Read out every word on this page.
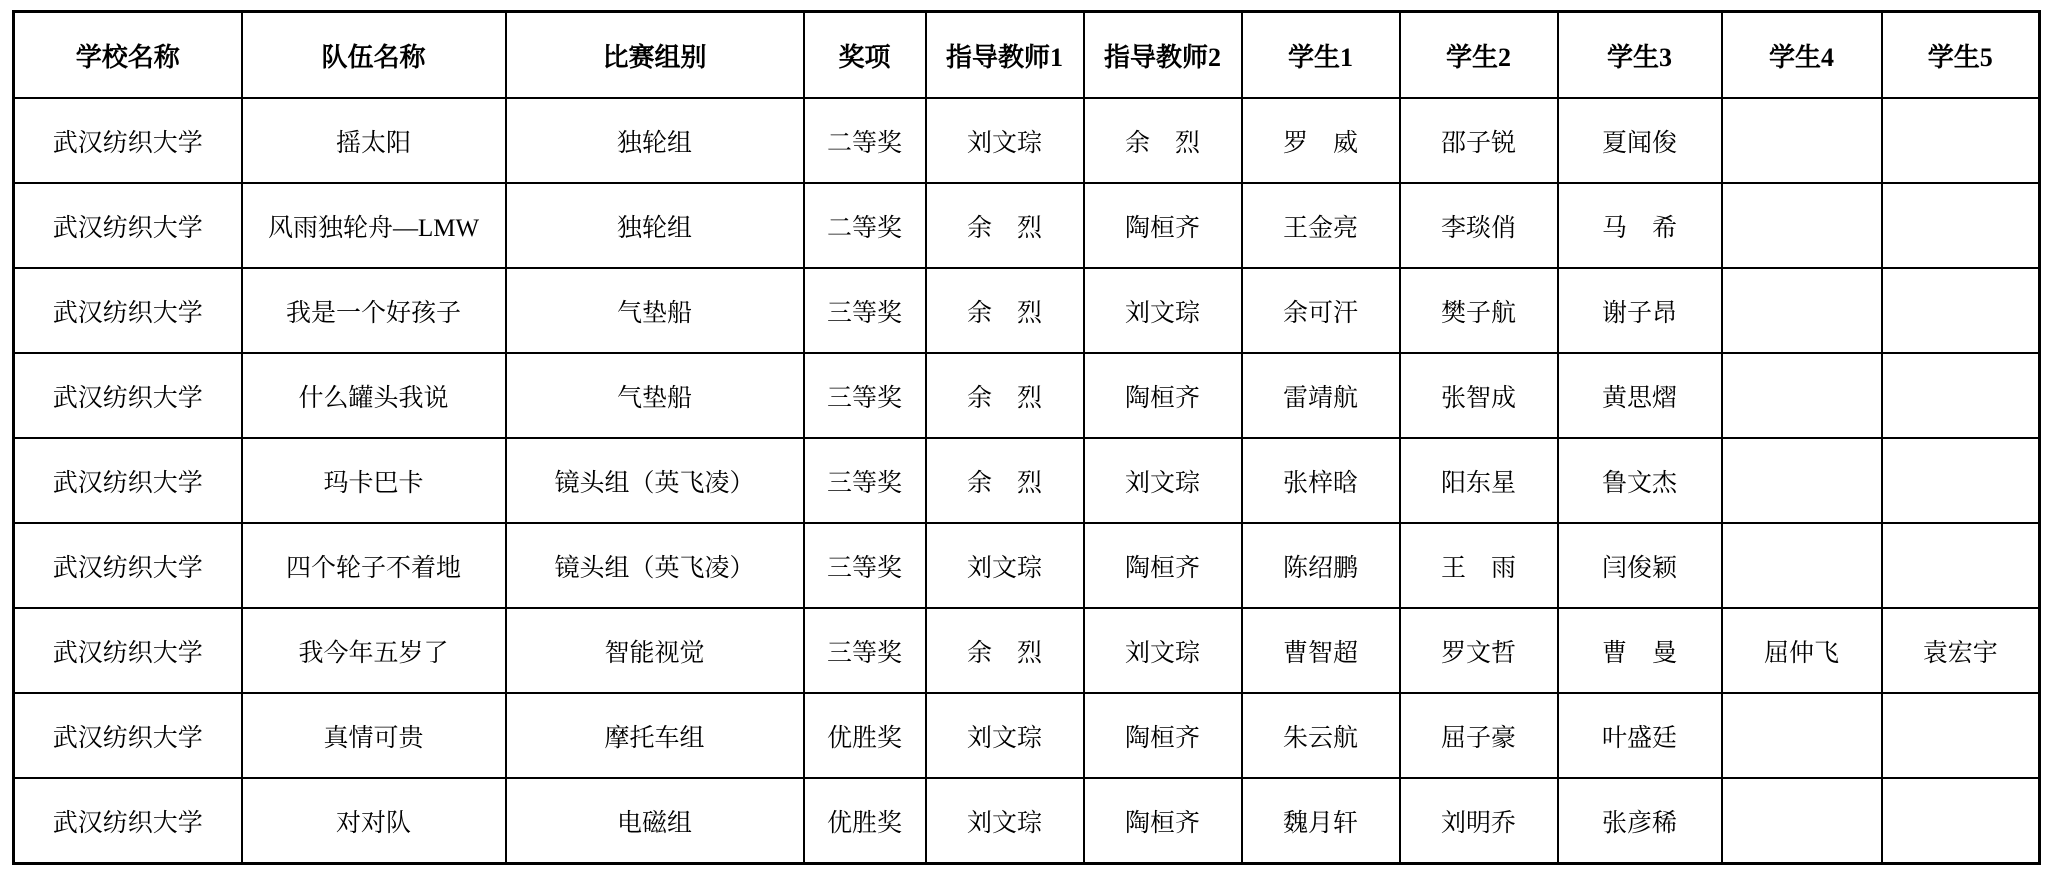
学校名称	队伍名称	比赛组别	奖项	指导教师1	指导教师2	学生1	学生2	学生3	学生4	学生5
武汉纺织大学	摇太阳	独轮组	二等奖	刘文琮	余　烈	罗　威	邵子锐	夏闻俊		
武汉纺织大学	风雨独轮舟—LMW	独轮组	二等奖	余　烈	陶桓齐	王金亮	李琰俏	马　希		
武汉纺织大学	我是一个好孩子	气垫船	三等奖	余　烈	刘文琮	余可汗	樊子航	谢子昂		
武汉纺织大学	什么罐头我说	气垫船	三等奖	余　烈	陶桓齐	雷靖航	张智成	黄思熠		
武汉纺织大学	玛卡巴卡	镜头组（英飞凌）	三等奖	余　烈	刘文琮	张梓晗	阳东星	鲁文杰		
武汉纺织大学	四个轮子不着地	镜头组（英飞凌）	三等奖	刘文琮	陶桓齐	陈绍鹏	王　雨	闫俊颖		
武汉纺织大学	我今年五岁了	智能视觉	三等奖	余　烈	刘文琮	曹智超	罗文哲	曹　曼	屈仲飞	袁宏宇
武汉纺织大学	真情可贵	摩托车组	优胜奖	刘文琮	陶桓齐	朱云航	屈子豪	叶盛廷		
武汉纺织大学	对对队	电磁组	优胜奖	刘文琮	陶桓齐	魏月轩	刘明乔	张彦稀		
